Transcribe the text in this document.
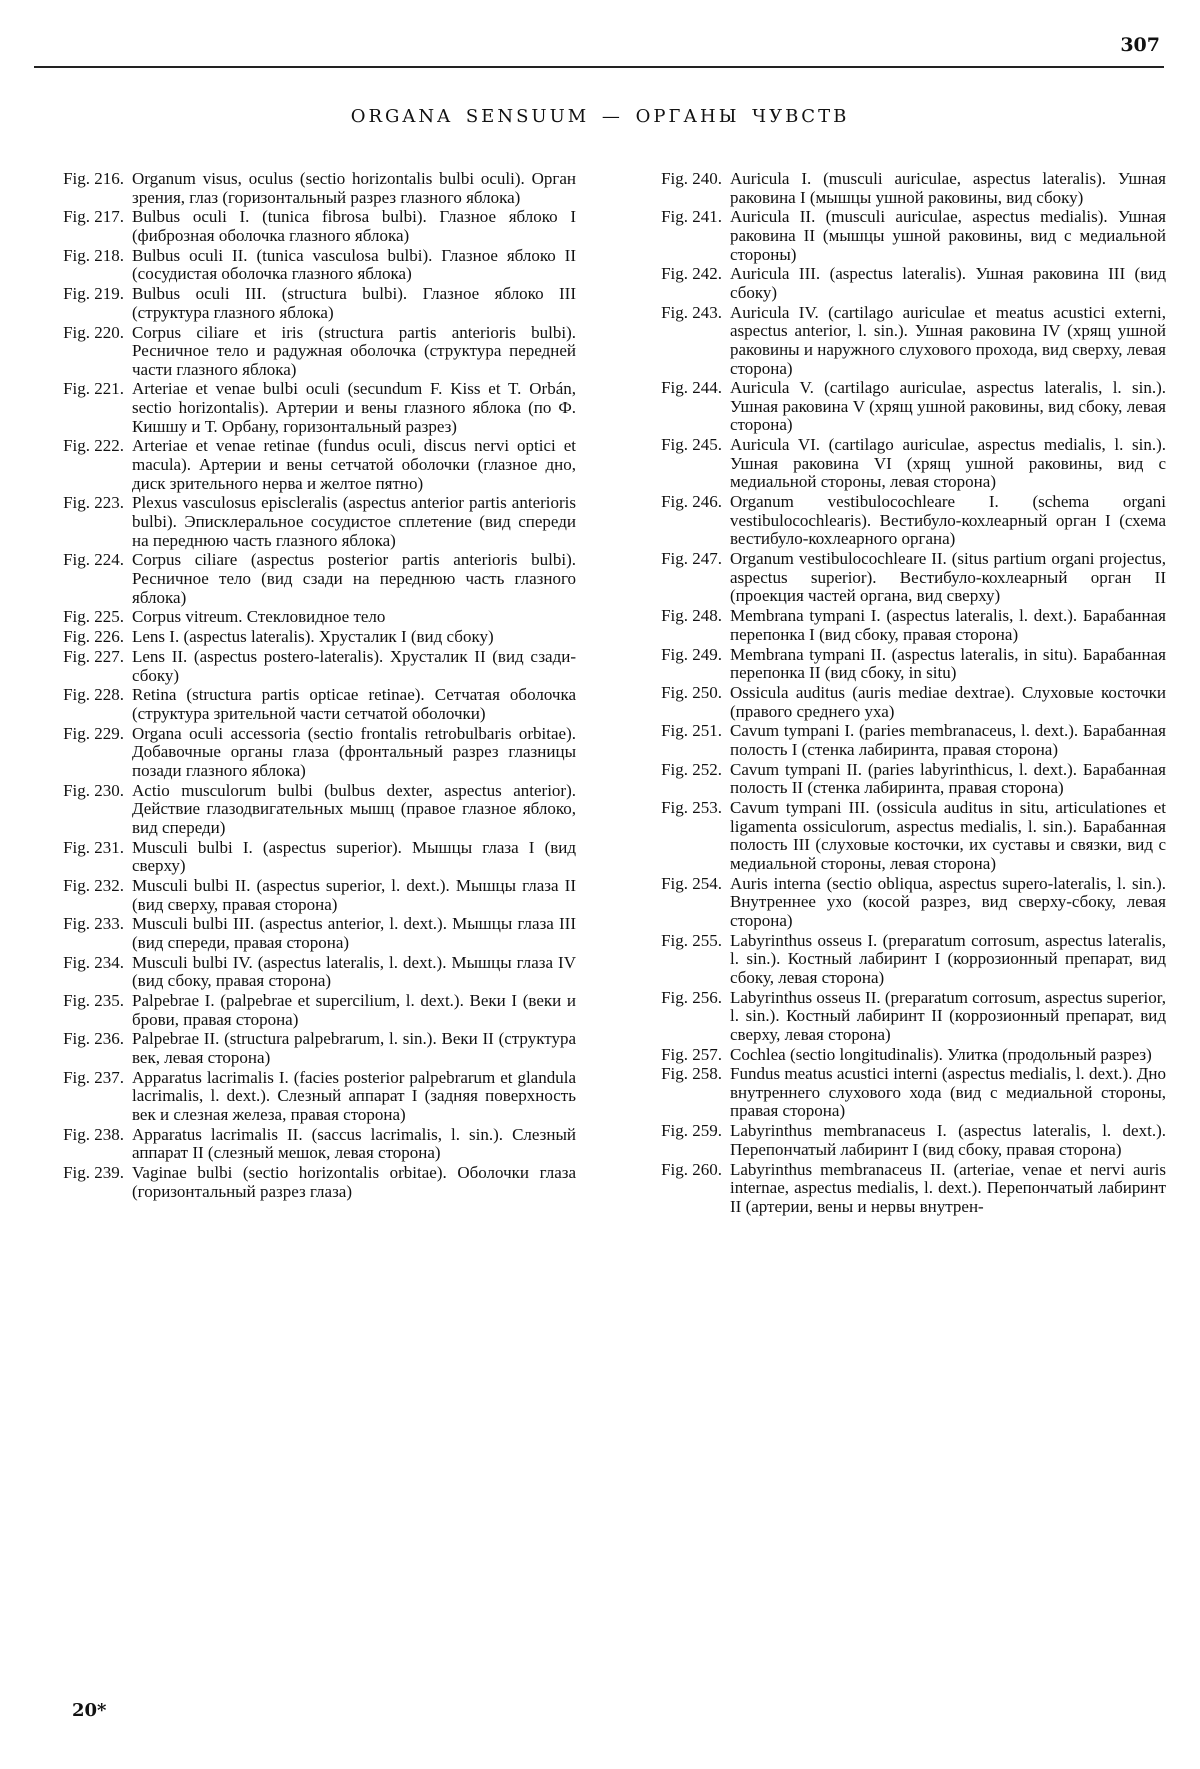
307
ORGANA SENSUUM — ОРГАНЫ ЧУВСТВ
Fig. 216. Organum visus, oculus (sectio horizontalis bulbi oculi). Орган зрения, глаз (горизонтальный разрез глазного яблока)
Fig. 217. Bulbus oculi I. (tunica fibrosa bulbi). Глазное яблоко I (фиброзная оболочка глазного яблока)
Fig. 218. Bulbus oculi II. (tunica vasculosa bulbi). Глазное яблоко II (сосудистая оболочка глазного яблока)
Fig. 219. Bulbus oculi III. (structura bulbi). Глазное яблоко III (структура глазного яблока)
Fig. 220. Corpus ciliare et iris (structura partis anterioris bulbi). Ресничное тело и радужная оболочка (структура передней части глазного яблока)
Fig. 221. Arteriae et venae bulbi oculi (secundum F. Kiss et T. Orbán, sectio horizontalis). Артерии и вены глазного яблока (по Ф. Кишшу и Т. Орбану, горизонтальный разрез)
Fig. 222. Arteriae et venae retinae (fundus oculi, discus nervi optici et macula). Артерии и вены сетчатой оболочки (глазное дно, диск зрительного нерва и желтое пятно)
Fig. 223. Plexus vasculosus episcleralis (aspectus anterior partis anterioris bulbi). Эписклеральное сосудистое сплетение (вид спереди на переднюю часть глазного яблока)
Fig. 224. Corpus ciliare (aspectus posterior partis anterioris bulbi). Ресничное тело (вид сзади на переднюю часть глазного яблока)
Fig. 225. Corpus vitreum. Стекловидное тело
Fig. 226. Lens I. (aspectus lateralis). Хрусталик I (вид сбоку)
Fig. 227. Lens II. (aspectus postero-lateralis). Хрусталик II (вид сзади-сбоку)
Fig. 228. Retina (structura partis opticae retinae). Сетчатая оболочка (структура зрительной части сетчатой оболочки)
Fig. 229. Organa oculi accessoria (sectio frontalis retrobulbaris orbitae). Добавочные органы глаза (фронтальный разрез глазницы позади глазного яблока)
Fig. 230. Actio musculorum bulbi (bulbus dexter, aspectus anterior). Действие глазодвигательных мышц (правое глазное яблоко, вид спереди)
Fig. 231. Musculi bulbi I. (aspectus superior). Мышцы глаза I (вид сверху)
Fig. 232. Musculi bulbi II. (aspectus superior, l. dext.). Мышцы глаза II (вид сверху, правая сторона)
Fig. 233. Musculi bulbi III. (aspectus anterior, l. dext.). Мышцы глаза III (вид спереди, правая сторона)
Fig. 234. Musculi bulbi IV. (aspectus lateralis, l. dext.). Мышцы глаза IV (вид сбоку, правая сторона)
Fig. 235. Palpebrae I. (palpebrae et supercilium, l. dext.). Веки I (веки и брови, правая сторона)
Fig. 236. Palpebrae II. (structura palpebrarum, l. sin.). Веки II (структура век, левая сторона)
Fig. 237. Apparatus lacrimalis I. (facies posterior palpebrarum et glandula lacrimalis, l. dext.). Слезный аппарат I (задняя поверхность век и слезная железа, правая сторона)
Fig. 238. Apparatus lacrimalis II. (saccus lacrimalis, l. sin.). Слезный аппарат II (слезный мешок, левая сторона)
Fig. 239. Vaginae bulbi (sectio horizontalis orbitae). Оболочки глаза (горизонтальный разрез глаза)
Fig. 240. Auricula I. (musculi auriculae, aspectus lateralis). Ушная раковина I (мышцы ушной раковины, вид сбоку)
Fig. 241. Auricula II. (musculi auriculae, aspectus medialis). Ушная раковина II (мышцы ушной раковины, вид с медиальной стороны)
Fig. 242. Auricula III. (aspectus lateralis). Ушная раковина III (вид сбоку)
Fig. 243. Auricula IV. (cartilago auriculae et meatus acustici externi, aspectus anterior, l. sin.). Ушная раковина IV (хрящ ушной раковины и наружного слухового прохода, вид сверху, левая сторона)
Fig. 244. Auricula V. (cartilago auriculae, aspectus lateralis, l. sin.). Ушная раковина V (хрящ ушной раковины, вид сбоку, левая сторона)
Fig. 245. Auricula VI. (cartilago auriculae, aspectus medialis, l. sin.). Ушная раковина VI (хрящ ушной раковины, вид с медиальной стороны, левая сторона)
Fig. 246. Organum vestibulocochleare I. (schema organi vestibulocochlearis). Вестибуло-кохлеарный орган I (схема вестибуло-кохлеарного органа)
Fig. 247. Organum vestibulocochleare II. (situs partium organi projectus, aspectus superior). Вестибуло-кохлеарный орган II (проекция частей органа, вид сверху)
Fig. 248. Membrana tympani I. (aspectus lateralis, l. dext.). Барабанная перепонка I (вид сбоку, правая сторона)
Fig. 249. Membrana tympani II. (aspectus lateralis, in situ). Барабанная перепонка II (вид сбоку, in situ)
Fig. 250. Ossicula auditus (auris mediae dextrae). Слуховые косточки (правого среднего уха)
Fig. 251. Cavum tympani I. (paries membranaceus, l. dext.). Барабанная полость I (стенка лабиринта, правая сторона)
Fig. 252. Cavum tympani II. (paries labyrinthicus, l. dext.). Барабанная полость II (стенка лабиринта, правая сторона)
Fig. 253. Cavum tympani III. (ossicula auditus in situ, articulationes et ligamenta ossiculorum, aspectus medialis, l. sin.). Барабанная полость III (слуховые косточки, их суставы и связки, вид с медиальной стороны, левая сторона)
Fig. 254. Auris interna (sectio obliqua, aspectus supero-lateralis, l. sin.). Внутреннее ухо (косой разрез, вид сверху-сбоку, левая сторона)
Fig. 255. Labyrinthus osseus I. (preparatum corrosum, aspectus lateralis, l. sin.). Костный лабиринт I (коррозионный препарат, вид сбоку, левая сторона)
Fig. 256. Labyrinthus osseus II. (preparatum corrosum, aspectus superior, l. sin.). Костный лабиринт II (коррозионный препарат, вид сверху, левая сторона)
Fig. 257. Cochlea (sectio longitudinalis). Улитка (продольный разрез)
Fig. 258. Fundus meatus acustici interni (aspectus medialis, l. dext.). Дно внутреннего слухового хода (вид с медиальной стороны, правая сторона)
Fig. 259. Labyrinthus membranaceus I. (aspectus lateralis, l. dext.). Перепончатый лабиринт I (вид сбоку, правая сторона)
Fig. 260. Labyrinthus membranaceus II. (arteriae, venae et nervi auris internae, aspectus medialis, l. dext.). Перепончатый лабиринт II (артерии, вены и нервы внутрен-
20*
